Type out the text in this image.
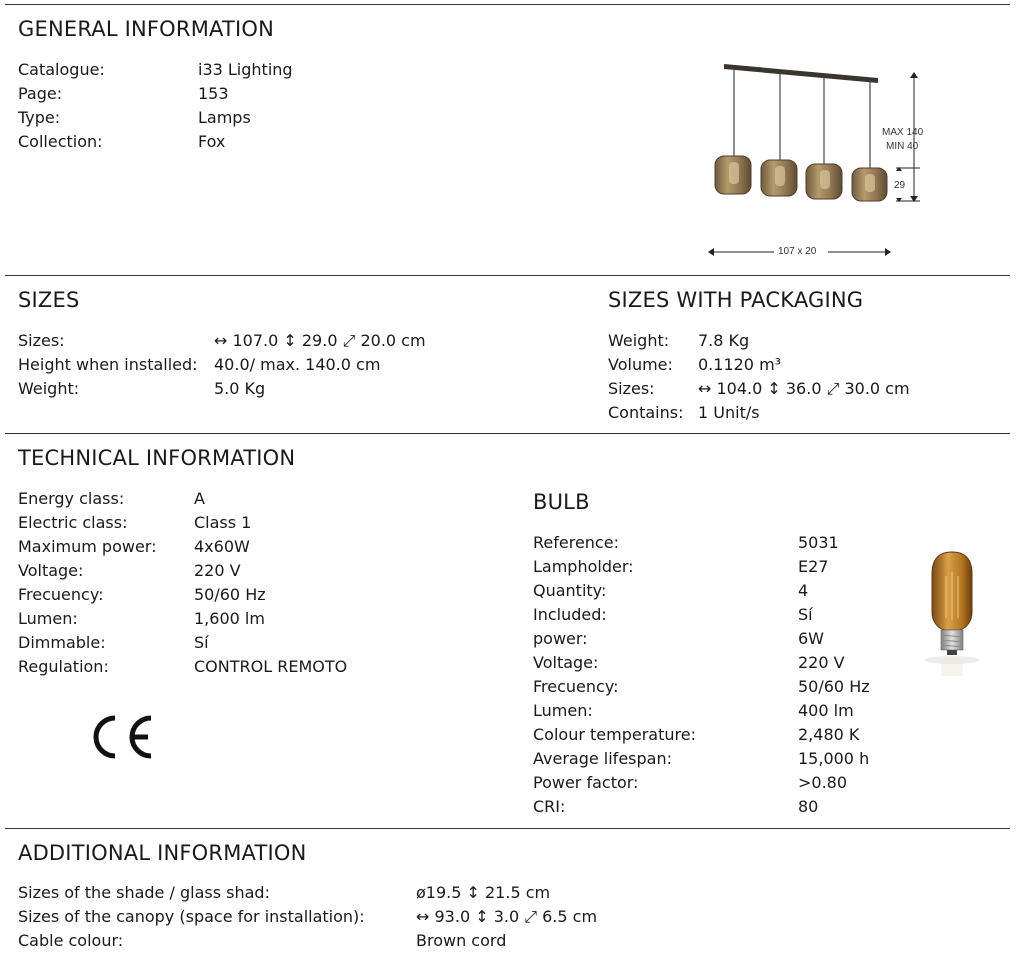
GENERAL INFORMATION
Catalogue:	i33 Lighting
Page:	153
Type:	Lamps
Collection:	Fox	MAX 140
MIN 40
29
107 x 20
SIZES
Sizes:	↔ 107.0 ↕ 29.0 ⤢ 20.0 cm
Height when installed: 40.0/ max. 140.0 cm
Weight:	5.0 Kg
SIZES WITH PACKAGING
Weight: 7.8 Kg
Volume: 0.1120 m³
Sizes:	↔ 104.0 ↕ 36.0 ⤢ 30.0 cm
Contains: 1 Unit/s
TECHNICAL INFORMATION
Energy class:	A
Electric class:	Class 1
Maximum power: 4x60W
Voltage:	220 V
Frecuency:	50/60 Hz
Lumen:	1,600 lm
Dimmable:	Sí
Regulation:	CONTROL REMOTO
BULB
Reference:	5031
Lampholder:	E27
Quantity:	4
Included:	Sí
power:	6W
Voltage:	220 V
Frecuency:	50/60 Hz
Lumen:	400 lm
Colour temperature:	2,480 K
Average lifespan:	15,000 h
Power factor:	>0.80
CRI:	80
ADDITIONAL INFORMATION
Sizes of the shade / glass shad:	ø19.5 ↕ 21.5 cm
Sizes of the canopy (space for installation):	↔ 93.0 ↕ 3.0 ⤢ 6.5 cm
Cable colour:	Brown cord
